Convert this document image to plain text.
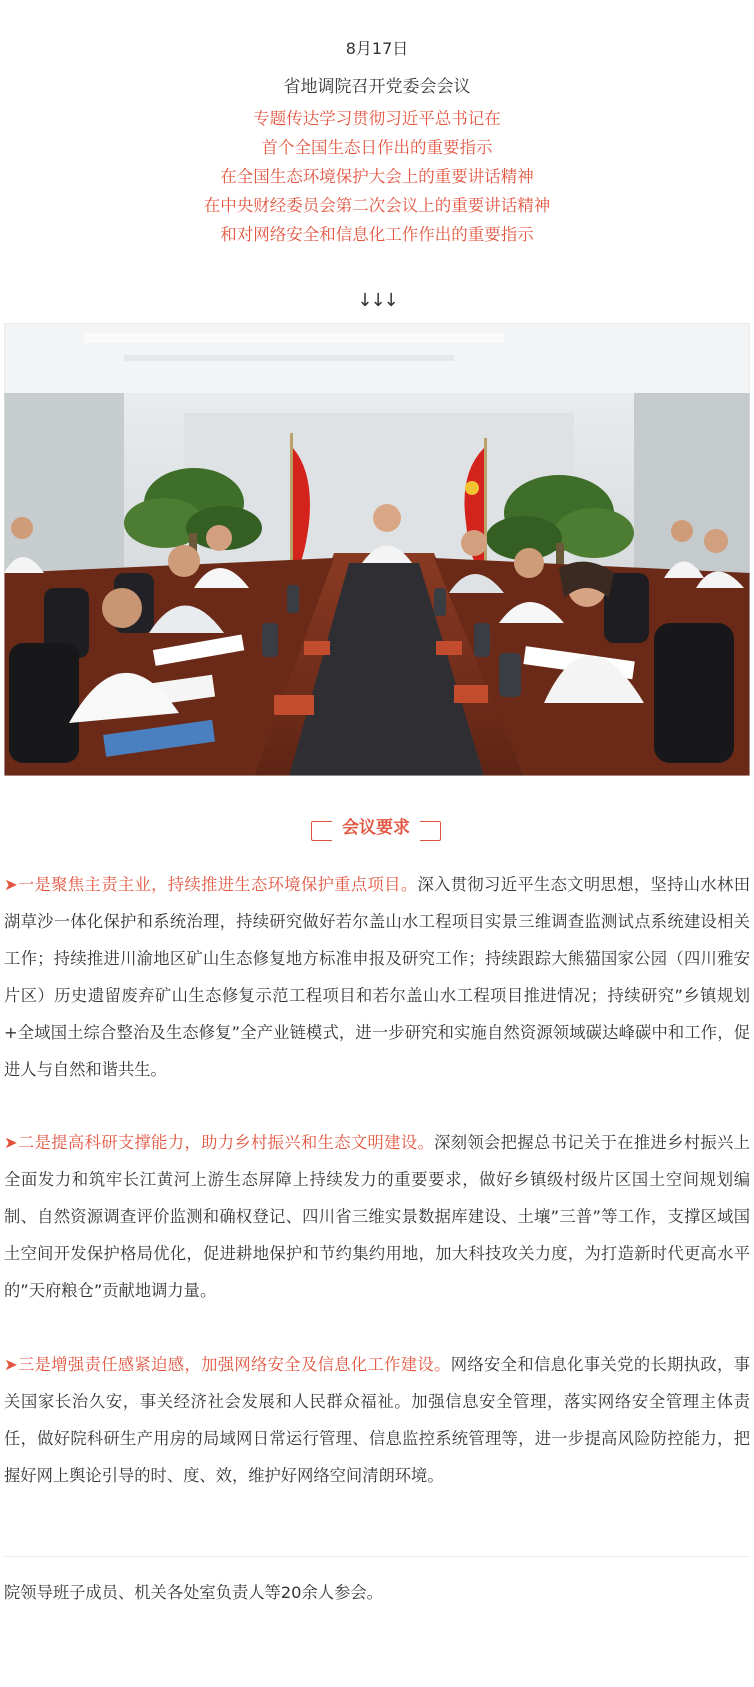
8月17日
省地调院召开党委会会议
专题传达学习贯彻习近平总书记在
首个全国生态日作出的重要指示
在全国生态环境保护大会上的重要讲话精神
在中央财经委员会第二次会议上的重要讲话精神
和对网络安全和信息化工作作出的重要指示
↓↓↓
会议要求
➤一是聚焦主责主业，持续推进生态环境保护重点项目。深入贯彻习近平生态文明思想，坚持山水林田湖草沙一体化保护和系统治理，持续研究做好若尔盖山水工程项目实景三维调查监测试点系统建设相关工作；持续推进川渝地区矿山生态修复地方标准申报及研究工作；持续跟踪大熊猫国家公园（四川雅安片区）历史遗留废弃矿山生态修复示范工程项目和若尔盖山水工程项目推进情况；持续研究”乡镇规划+全域国土综合整治及生态修复”全产业链模式，进一步研究和实施自然资源领域碳达峰碳中和工作，促进人与自然和谐共生。
➤二是提高科研支撑能力，助力乡村振兴和生态文明建设。深刻领会把握总书记关于在推进乡村振兴上全面发力和筑牢长江黄河上游生态屏障上持续发力的重要要求，做好乡镇级村级片区国土空间规划编制、自然资源调查评价监测和确权登记、四川省三维实景数据库建设、土壤”三普”等工作，支撑区域国土空间开发保护格局优化，促进耕地保护和节约集约用地，加大科技攻关力度，为打造新时代更高水平的”天府粮仓”贡献地调力量。
➤三是增强责任感紧迫感，加强网络安全及信息化工作建设。网络安全和信息化事关党的长期执政，事关国家长治久安，事关经济社会发展和人民群众福祉。加强信息安全管理，落实网络安全管理主体责任，做好院科研生产用房的局域网日常运行管理、信息监控系统管理等，进一步提高风险防控能力，把握好网上舆论引导的时、度、效，维护好网络空间清朗环境。
院领导班子成员、机关各处室负责人等20余人参会。
